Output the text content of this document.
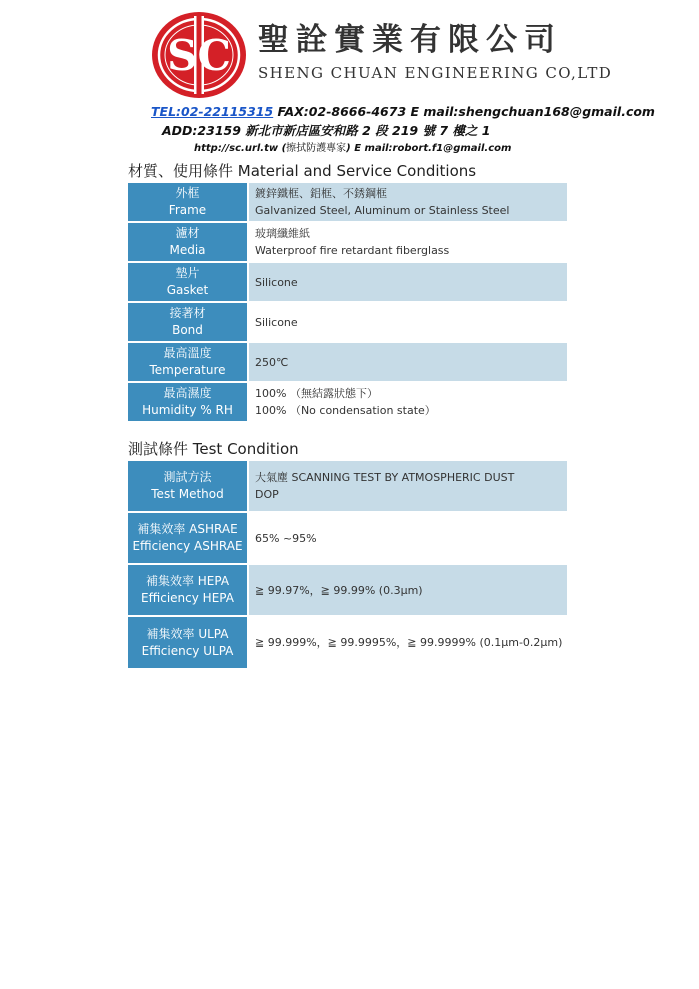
SC 聖詮實業有限公司
SHENG CHUAN ENGINEERING CO,LTD
TEL:02-22115315 FAX:02-8666-4673 E mail:shengchuan168@gmail.com
ADD:23159 新北市新店區安和路 2 段 219 號 7 樓之 1
http://sc.url.tw (擦拭防護專家) E mail:robort.f1@gmail.com
材質、使用條件 Material and Service Conditions
外框
Frame
鍍鋅鐵框、鋁框、不銹鋼框
Galvanized Steel, Aluminum or Stainless Steel
濾材
Media
玻璃纖維紙
Waterproof fire retardant fiberglass
墊片
Gasket
Silicone
接著材
Bond
Silicone
最高溫度
Temperature
250℃
最高濕度
Humidity % RH
100% （無結露狀態下）
100% （No condensation state）
測試條件 Test Condition
測試方法
Test Method
大氣塵 SCANNING TEST BY ATMOSPHERIC DUST
DOP
補集效率 ASHRAE
Efficiency ASHRAE
65% ~95%
補集效率 HEPA
Efficiency HEPA
≧ 99.97%，≧ 99.99% (0.3μm)
補集效率 ULPA
Efficiency ULPA
≧ 99.999%，≧ 99.9995%，≧ 99.9999% (0.1μm-0.2μm)
